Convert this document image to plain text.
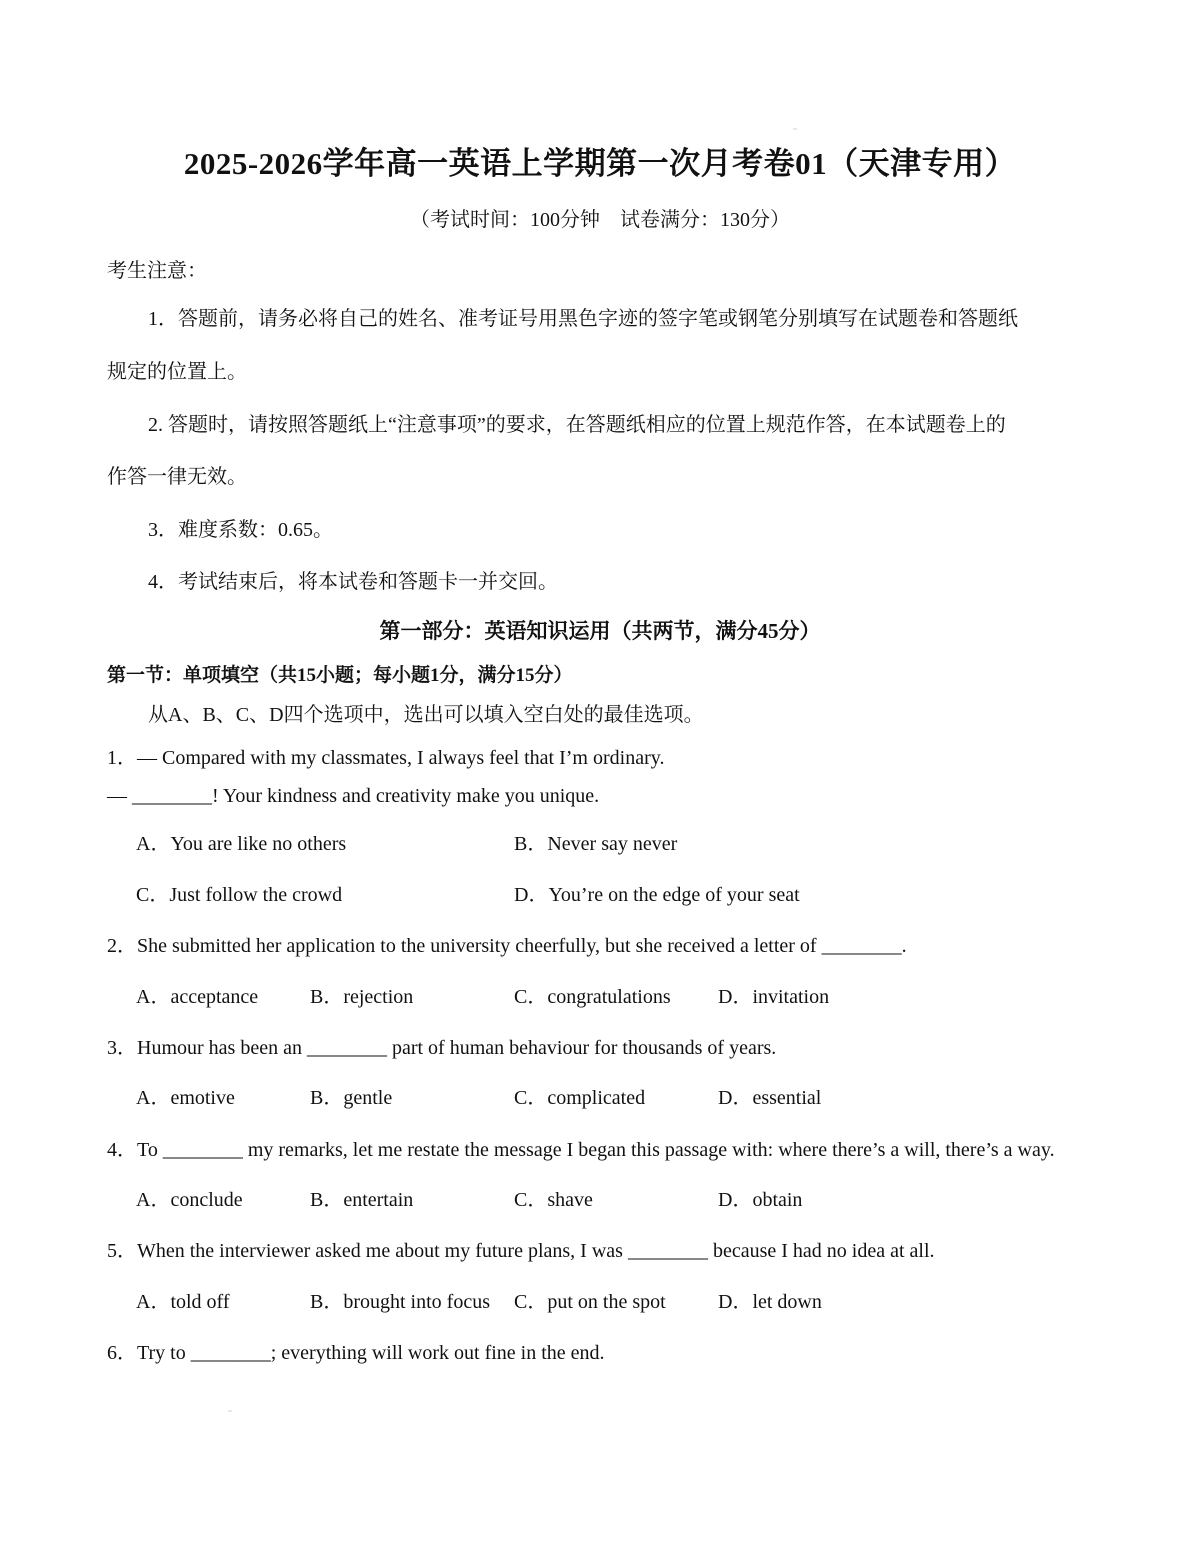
2025-2026学年高一英语上学期第一次月考卷01（天津专用）
（考试时间：100分钟　试卷满分：130分）
考生注意：
1．答题前，请务必将自己的姓名、准考证号用黑色字迹的签字笔或钢笔分别填写在试题卷和答题纸
规定的位置上。
2. 答题时，请按照答题纸上“注意事项”的要求，在答题纸相应的位置上规范作答，在本试题卷上的
作答一律无效。
3．难度系数：0.65。
4．考试结束后，将本试卷和答题卡一并交回。
第一部分：英语知识运用（共两节，满分45分）
第一节：单项填空（共15小题；每小题1分，满分15分）
从A、B、C、D四个选项中，选出可以填入空白处的最佳选项。
1．— Compared with my classmates, I always feel that I’m ordinary.
— ________! Your kindness and creativity make you unique.
A．You are like no others	B．Never say never
C．Just follow the crowd	D．You’re on the edge of your seat
2．She submitted her application to the university cheerfully, but she received a letter of ________.
A．acceptance	B．rejection	C．congratulations D．invitation
3．Humour has been an ________ part of human behaviour for thousands of years.
A．emotive	B．gentle	C．complicated	D．essential
4．To ________ my remarks, let me restate the message I began this passage with: where there’s a will, there’s a way.
A．conclude	B．entertain	C．shave	D．obtain
5．When the interviewer asked me about my future plans, I was ________ because I had no idea at all.
A．told off	B．brought into focus C．put on the spot	D．let down
6．Try to ________; everything will work out fine in the end.
